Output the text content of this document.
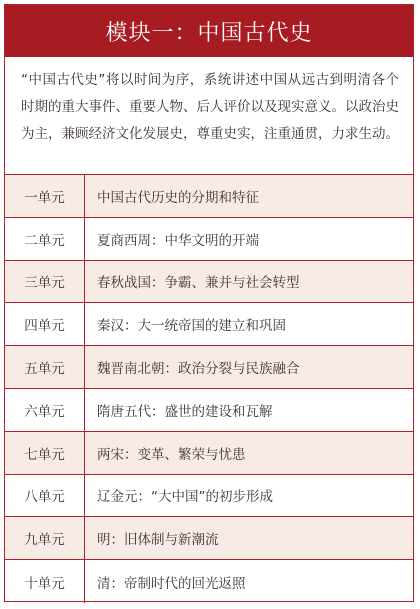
模块一：中国古代史
“中国古代史”将以时间为序，系统讲述中国从远古到明清各个时期的重大事件、重要人物、后人评价以及现实意义。以政治史为主，兼顾经济文化发展史，尊重史实，注重通贯，力求生动。
一单元	中国古代历史的分期和特征
二单元	夏商西周：中华文明的开端
三单元	春秋战国：争霸、兼并与社会转型
四单元	秦汉：大一统帝国的建立和巩固
五单元	魏晋南北朝：政治分裂与民族融合
六单元	隋唐五代：盛世的建设和瓦解
七单元	两宋：变革、繁荣与忧患
八单元	辽金元：“大中国”的初步形成
九单元	明：旧体制与新潮流
十单元	清：帝制时代的回光返照
